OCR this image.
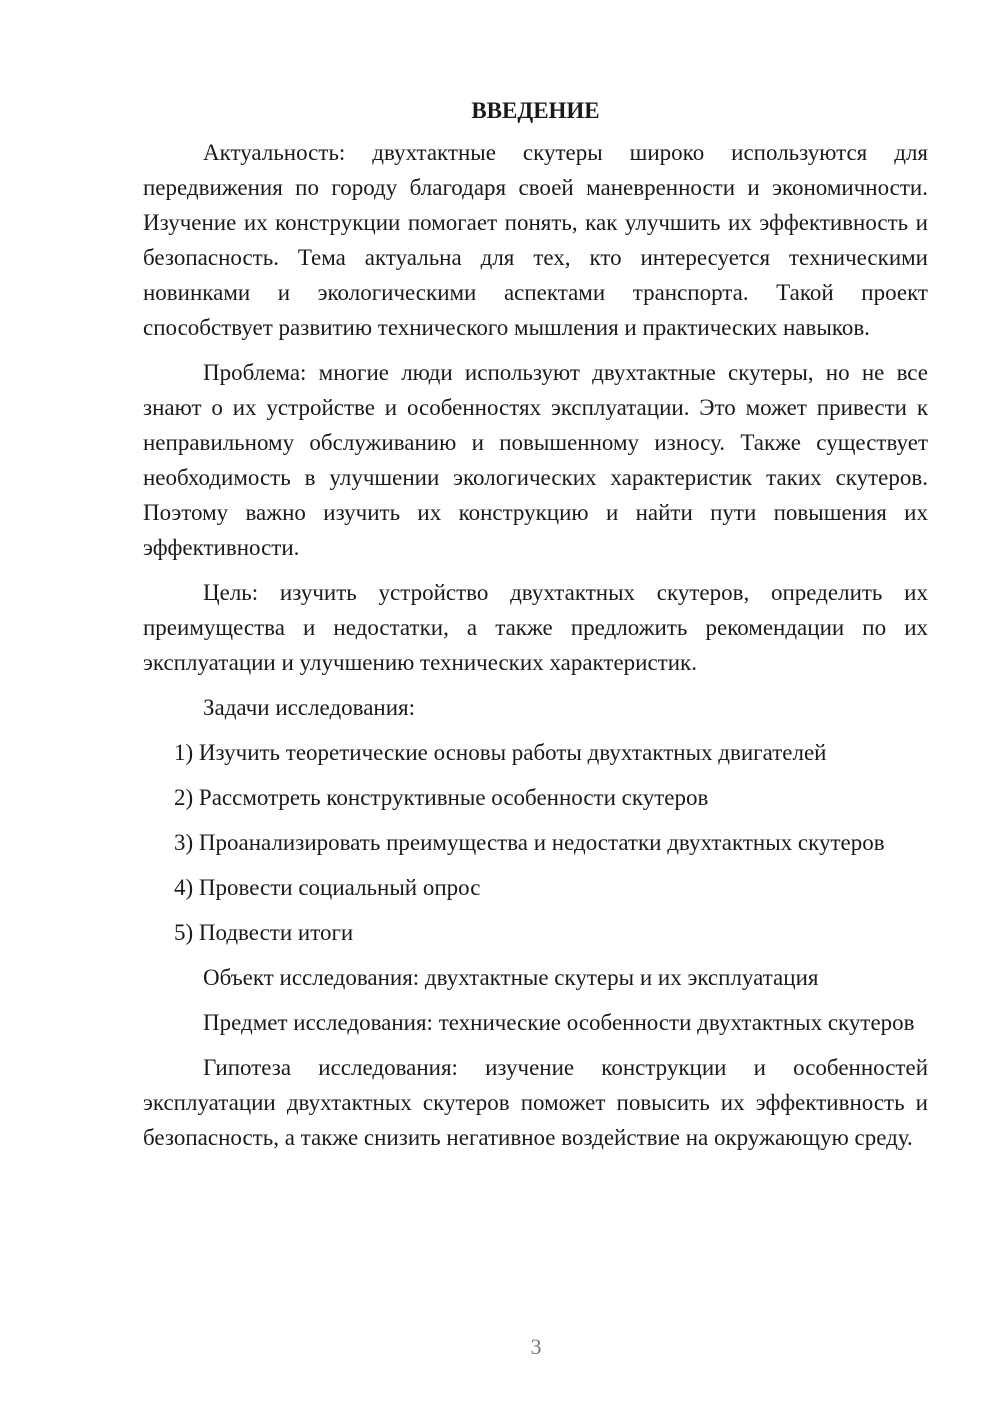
ВВЕДЕНИЕ
Актуальность: двухтактные скутеры широко используются для передвижения по городу благодаря своей маневренности и экономичности. Изучение их конструкции помогает понять, как улучшить их эффективность и безопасность. Тема актуальна для тех, кто интересуется техническими новинками и экологическими аспектами транспорта. Такой проект способствует развитию технического мышления и практических навыков.
Проблема: многие люди используют двухтактные скутеры, но не все знают о их устройстве и особенностях эксплуатации. Это может привести к неправильному обслуживанию и повышенному износу. Также существует необходимость в улучшении экологических характеристик таких скутеров. Поэтому важно изучить их конструкцию и найти пути повышения их эффективности.
Цель: изучить устройство двухтактных скутеров, определить их преимущества и недостатки, а также предложить рекомендации по их эксплуатации и улучшению технических характеристик.
Задачи исследования:
1) Изучить теоретические основы работы двухтактных двигателей
2) Рассмотреть конструктивные особенности скутеров
3) Проанализировать преимущества и недостатки двухтактных скутеров
4) Провести социальный опрос
5) Подвести итоги
Объект исследования: двухтактные скутеры и их эксплуатация
Предмет исследования: технические особенности двухтактных скутеров
Гипотеза исследования: изучение конструкции и особенностей эксплуатации двухтактных скутеров поможет повысить их эффективность и безопасность, а также снизить негативное воздействие на окружающую среду.
3
